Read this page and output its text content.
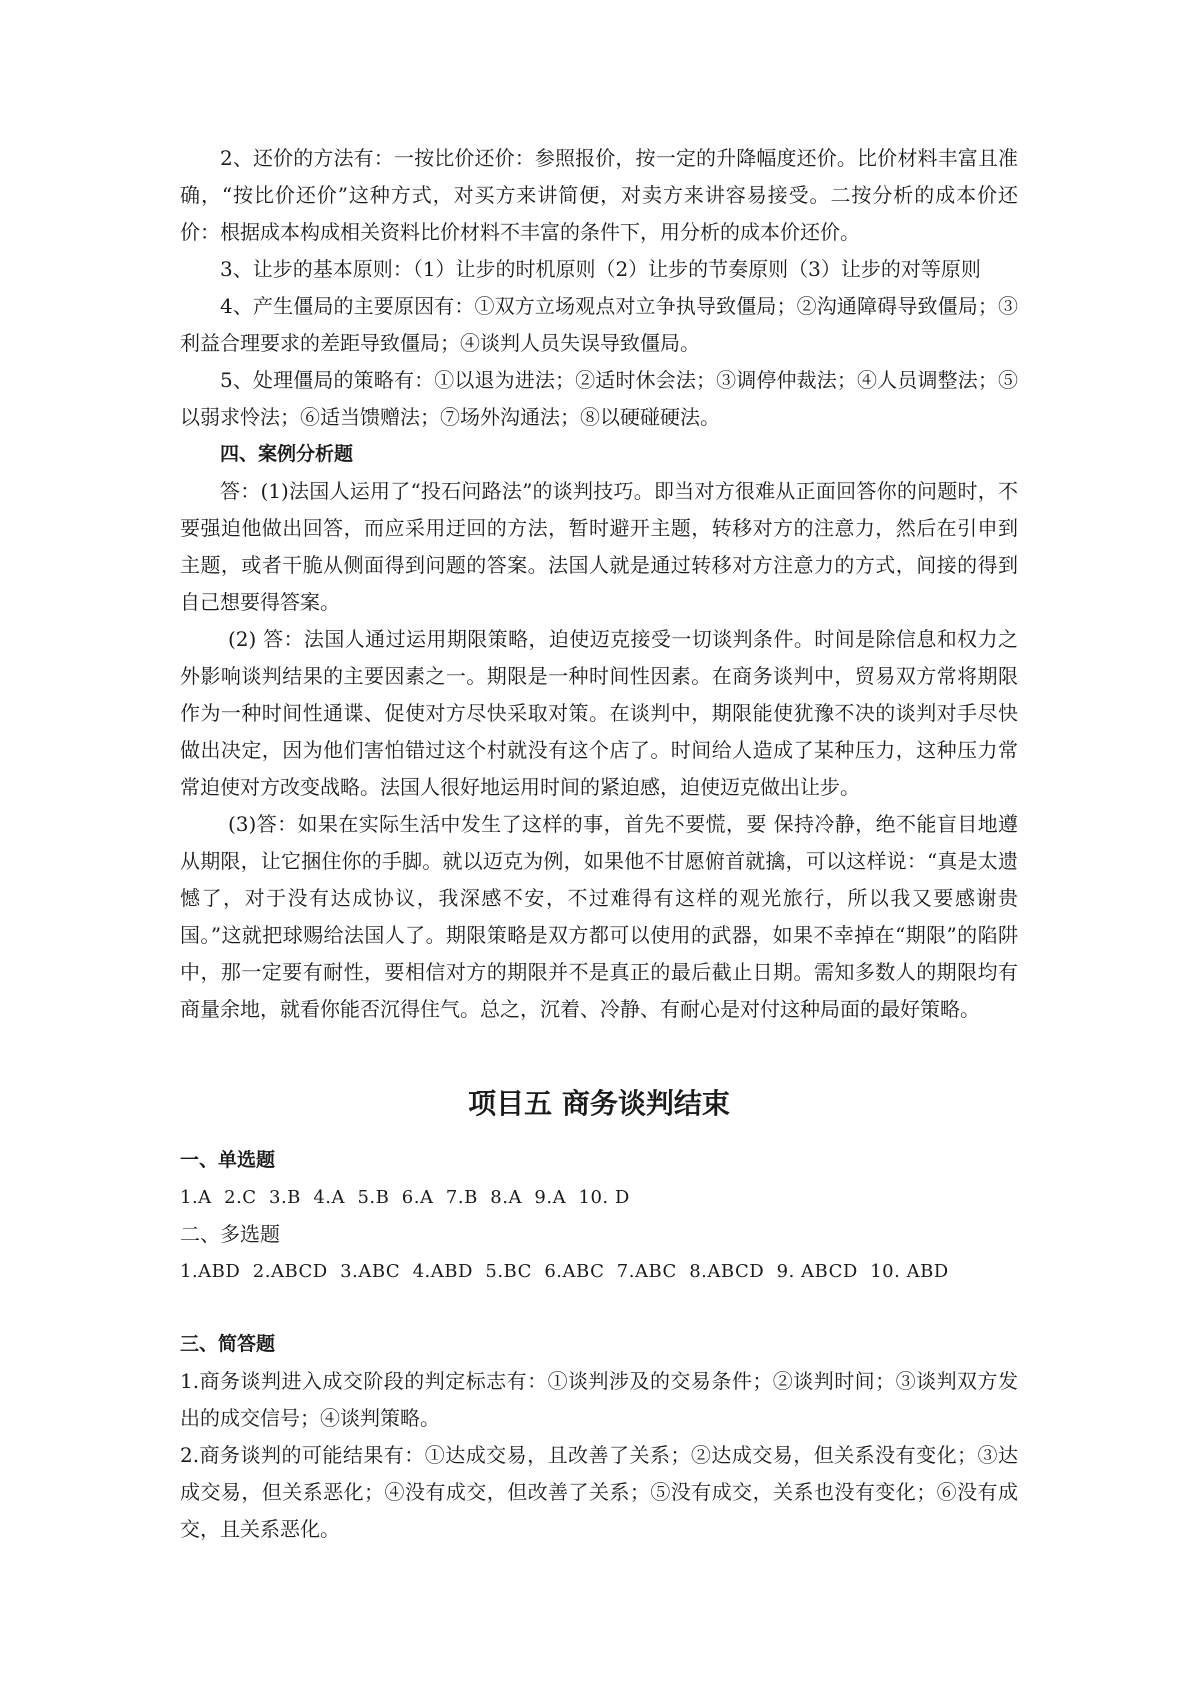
2、还价的方法有：一按比价还价：参照报价，按一定的升降幅度还价。比价材料丰富且准确，“按比价还价”这种方式，对买方来讲简便，对卖方来讲容易接受。二按分析的成本价还价：根据成本构成相关资料比价材料不丰富的条件下，用分析的成本价还价。

3、让步的基本原则：（1）让步的时机原则（2）让步的节奏原则（3）让步的对等原则

4、产生僵局的主要原因有：①双方立场观点对立争执导致僵局；②沟通障碍导致僵局；③利益合理要求的差距导致僵局；④谈判人员失误导致僵局。

5、处理僵局的策略有：①以退为进法；②适时休会法；③调停仲裁法；④人员调整法；⑤以弱求怜法；⑥适当馈赠法；⑦场外沟通法；⑧以硬碰硬法。

四、案例分析题

答：(1)法国人运用了“投石问路法”的谈判技巧。即当对方很难从正面回答你的问题时，不要强迫他做出回答，而应采用迂回的方法，暂时避开主题，转移对方的注意力，然后在引申到主题，或者干脆从侧面得到问题的答案。法国人就是通过转移对方注意力的方式，间接的得到自己想要得答案。

(2) 答：法国人通过运用期限策略，迫使迈克接受一切谈判条件。时间是除信息和权力之外影响谈判结果的主要因素之一。期限是一种时间性因素。在商务谈判中，贸易双方常将期限作为一种时间性通谍、促使对方尽快采取对策。在谈判中，期限能使犹豫不决的谈判对手尽快做出决定，因为他们害怕错过这个村就没有这个店了。时间给人造成了某种压力，这种压力常常迫使对方改变战略。法国人很好地运用时间的紧迫感，迫使迈克做出让步。

(3)答：如果在实际生活中发生了这样的事，首先不要慌，要 保持冷静，绝不能盲目地遵从期限，让它捆住你的手脚。就以迈克为例，如果他不甘愿俯首就擒，可以这样说：“真是太遗憾了，对于没有达成协议，我深感不安，不过难得有这样的观光旅行，所以我又要感谢贵国。”这就把球赐给法国人了。期限策略是双方都可以使用的武器，如果不幸掉在“期限”的陷阱中，那一定要有耐性，要相信对方的期限并不是真正的最后截止日期。需知多数人的期限均有商量余地，就看你能否沉得住气。总之，沉着、冷静、有耐心是对付这种局面的最好策略。

项目五 商务谈判结束

一、单选题

1.A  2.C  3.B  4.A  5.B  6.A  7.B  8.A  9.A  10. D

二、多选题

1.ABD  2.ABCD  3.ABC  4.ABD  5.BC  6.ABC  7.ABC  8.ABCD  9. ABCD  10. ABD

三、简答题

1.商务谈判进入成交阶段的判定标志有：①谈判涉及的交易条件；②谈判时间；③谈判双方发出的成交信号；④谈判策略。

2.商务谈判的可能结果有：①达成交易，且改善了关系；②达成交易，但关系没有变化；③达成交易，但关系恶化；④没有成交，但改善了关系；⑤没有成交，关系也没有变化；⑥没有成交，且关系恶化。
